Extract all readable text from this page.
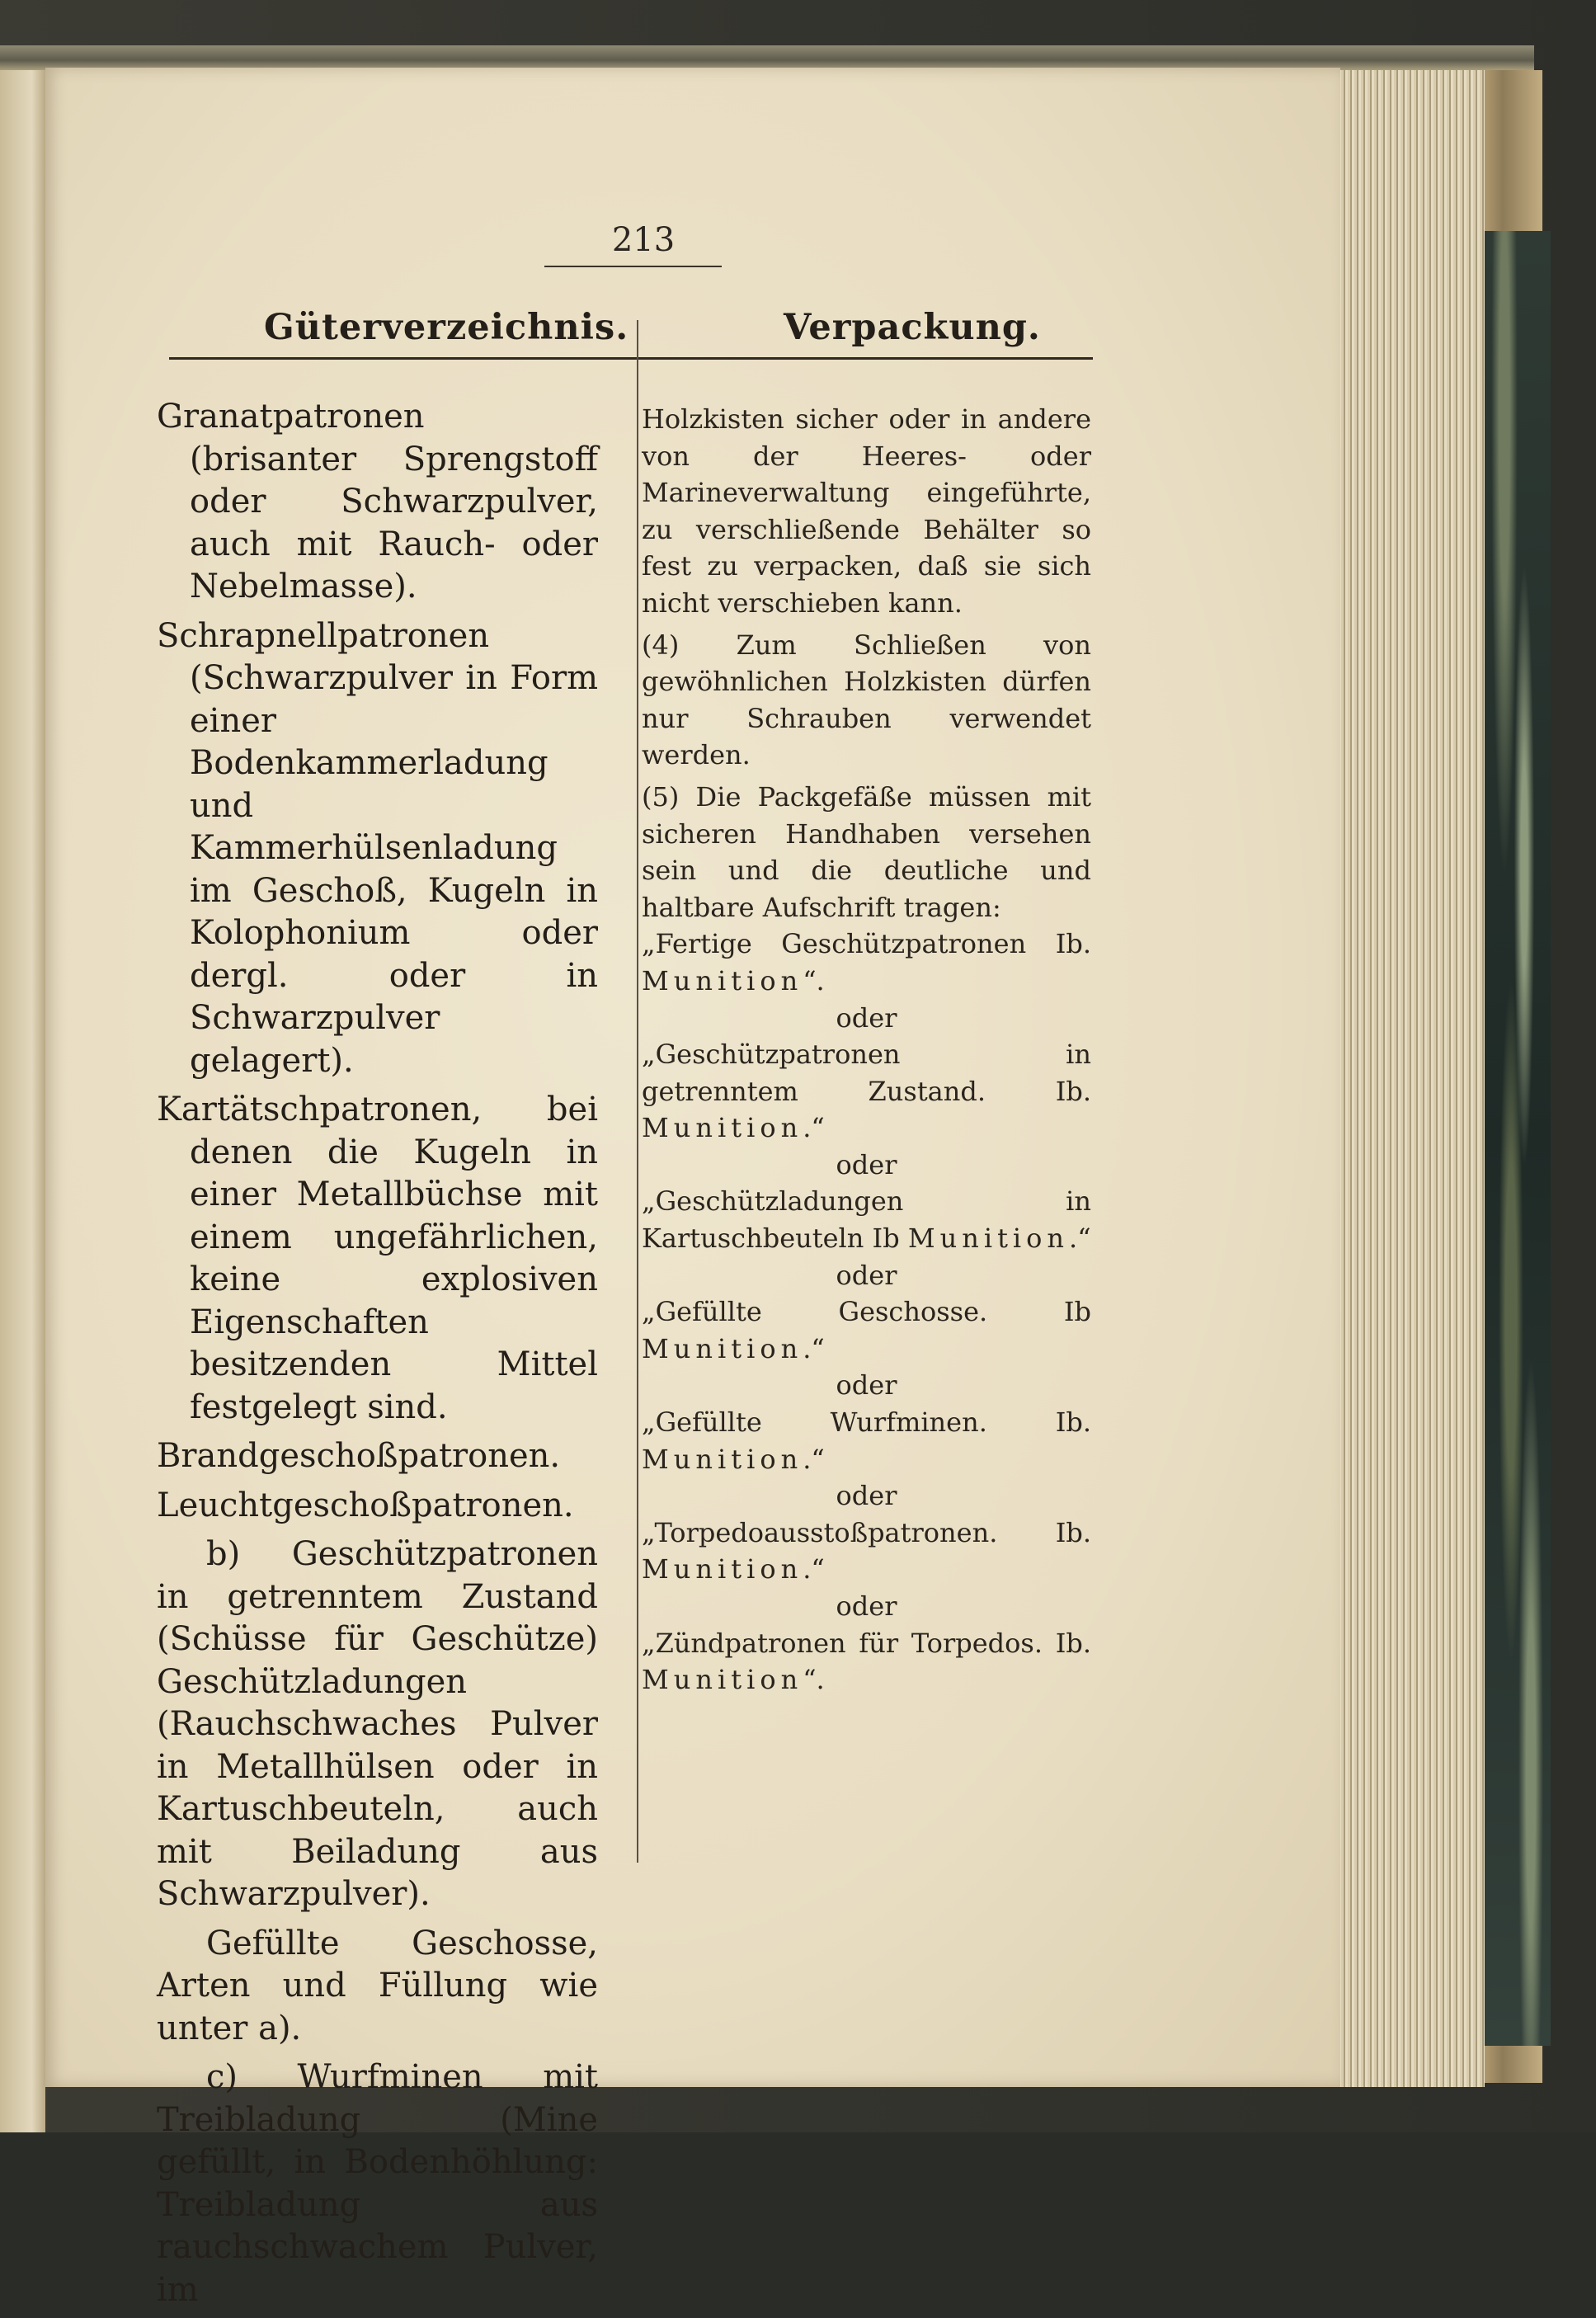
213
Güterverzeichnis.	Verpackung.

Granatpatronen (brisanter Sprengstoff oder Schwarzpulver, auch mit Rauch- oder Nebelmasse).

Schrapnellpatronen (Schwarzpulver in Form einer Bodenkammerladung und Kammerhülsenladung im Geschoß, Kugeln in Kolophonium oder dergl. oder in Schwarzpulver gelagert).

Kartätschpatronen, bei denen die Kugeln in einer Metallbüchse mit einem ungefährlichen, keine explosiven Eigenschaften besitzenden Mittel festgelegt sind.

Brandgeschoßpatronen.

Leuchtgeschoßpatronen.

b) Geschützpatronen in getrenntem Zustand (Schüsse für Geschütze) Geschützladungen (Rauchschwaches Pulver in Metallhülsen oder in Kartuschbeuteln, auch mit Beiladung aus Schwarzpulver).

Gefüllte Geschosse, Arten und Füllung wie unter a).

c) Wurfminen mit Treibladung (Mine gefüllt, in Bodenhöhlung: Treibladung aus rauchschwachem Pulver, im

Holzkisten sicher oder in andere von der Heeres- oder Marineverwaltung eingeführte, zu verschließende Behälter so fest zu verpacken, daß sie sich nicht verschieben kann.

(4) Zum Schließen von gewöhnlichen Holzkisten dürfen nur Schrauben verwendet werden.

(5) Die Packgefäße müssen mit sicheren Handhaben versehen sein und die deutliche und haltbare Aufschrift tragen:

„Fertige Geschützpatronen Ib. Munition“.

oder

„Geschützpatronen in getrenntem Zustand. Ib. Munition.“

oder

„Geschützladungen in Kartuschbeuteln Ib Munition.“

oder

„Gefüllte Geschosse. Ib Munition.“

oder

„Gefüllte Wurfminen. Ib. Munition.“

oder

„Torpedoausstoßpatronen. Ib. Munition.“

oder

„Zündpatronen für Torpedos. Ib. Munition“.
